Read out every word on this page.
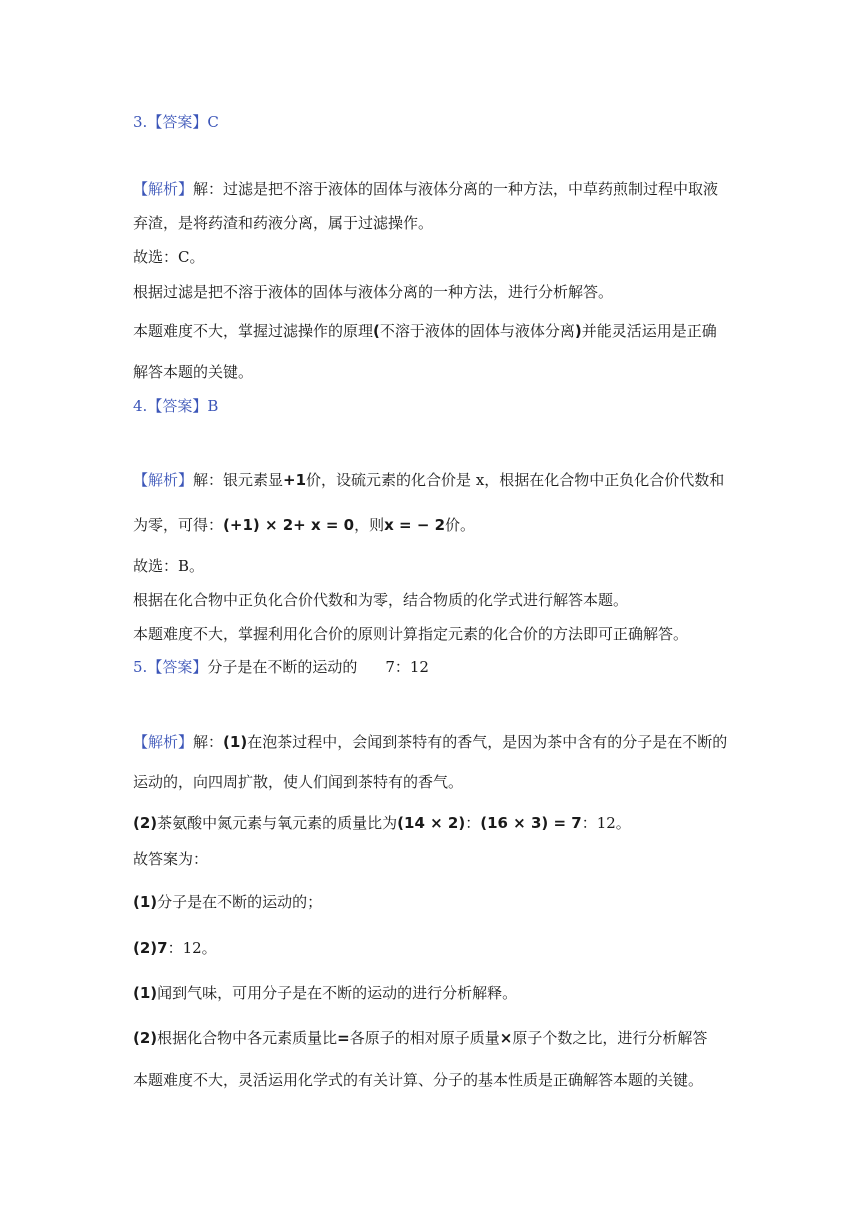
3.【答案】C
【解析】解：过滤是把不溶于液体的固体与液体分离的一种方法，中草药煎制过程中取液
弃渣，是将药渣和药液分离，属于过滤操作。
故选：C。
根据过滤是把不溶于液体的固体与液体分离的一种方法，进行分析解答。
本题难度不大，掌握过滤操作的原理(不溶于液体的固体与液体分离)并能灵活运用是正确
解答本题的关键。
4.【答案】B
【解析】解：银元素显+1价，设硫元素的化合价是 x，根据在化合物中正负化合价代数和
为零，可得：(+1) × 2+ x = 0，则x = − 2价。
故选：B。
根据在化合物中正负化合价代数和为零，结合物质的化学式进行解答本题。
本题难度不大，掌握利用化合价的原则计算指定元素的化合价的方法即可正确解答。
5.【答案】分子是在不断的运动的 7：12
【解析】解：(1)在泡茶过程中，会闻到茶特有的香气，是因为茶中含有的分子是在不断的
运动的，向四周扩散，使人们闻到茶特有的香气。
(2)茶氨酸中氮元素与氧元素的质量比为(14 × 2)：(16 × 3) = 7：12。
故答案为：
(1)分子是在不断的运动的；
(2)7：12。
(1)闻到气味，可用分子是在不断的运动的进行分析解释。
(2)根据化合物中各元素质量比=各原子的相对原子质量×原子个数之比，进行分析解答
本题难度不大，灵活运用化学式的有关计算、分子的基本性质是正确解答本题的关键。
